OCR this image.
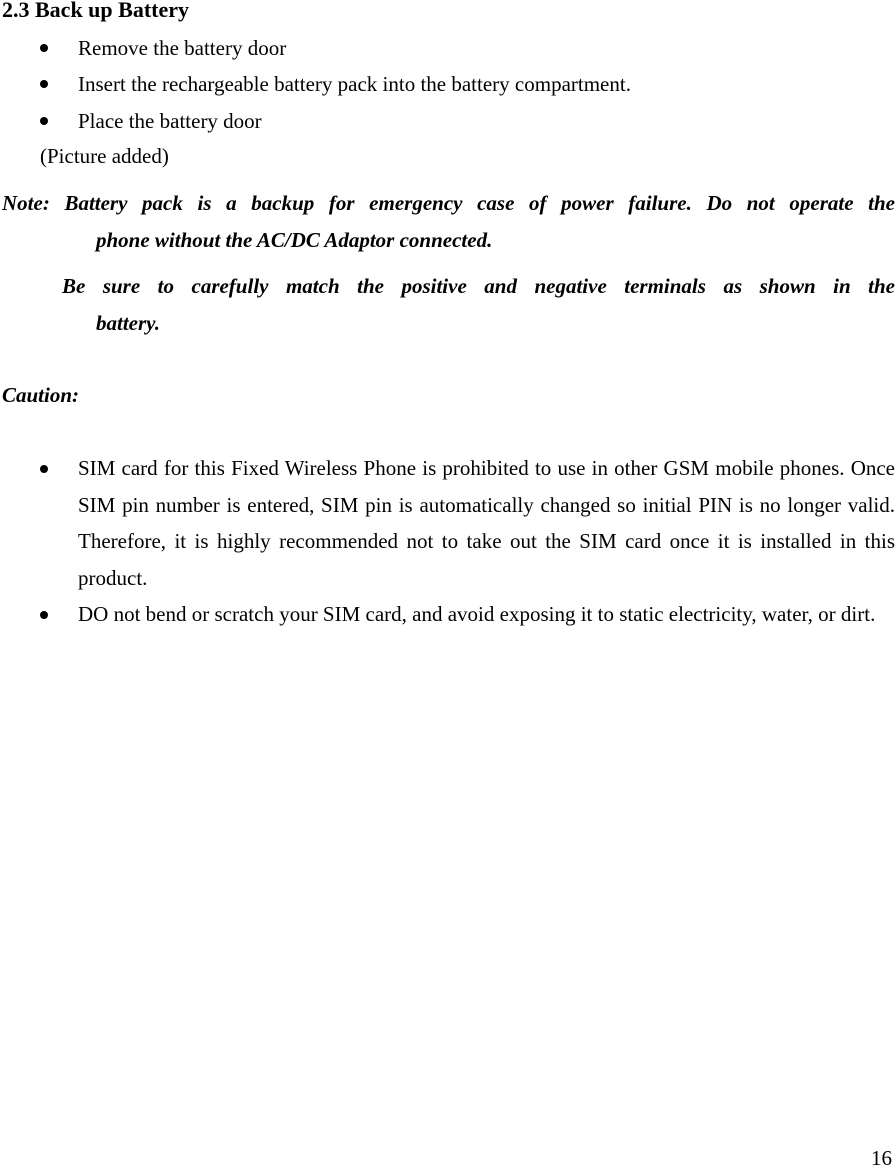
2.3 Back up Battery
Remove the battery door
Insert the rechargeable battery pack into the battery compartment.
Place the battery door
(Picture added)
Note: Battery pack is a backup for emergency case of power failure. Do not operate the
phone without the AC/DC Adaptor connected.
Be sure to carefully match the positive and negative terminals as shown in the
battery.
Caution:
SIM card for this Fixed Wireless Phone is prohibited to use in other GSM mobile phones. Once SIM pin number is entered, SIM pin is automatically changed so initial PIN is no longer valid. Therefore, it is highly recommended not to take out the SIM card once it is installed in this product.
DO not bend or scratch your SIM card, and avoid exposing it to static electricity, water, or dirt.
16
